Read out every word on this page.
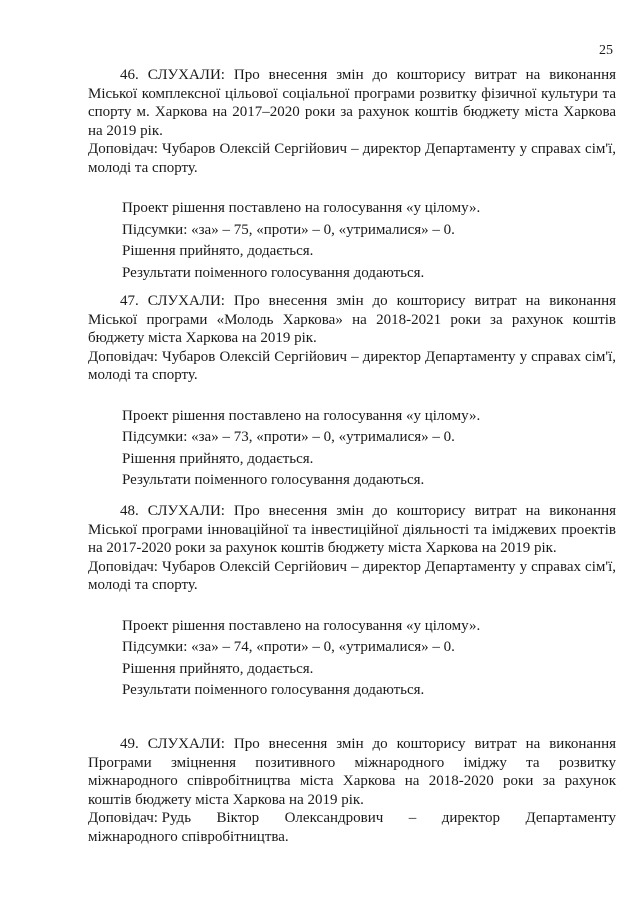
25

46. СЛУХАЛИ: Про внесення змін до кошторису витрат на виконання Міської комплексної цільової соціальної програми розвитку фізичної культури та спорту м. Харкова на 2017–2020 роки за рахунок коштів бюджету міста Харкова на 2019 рік.

Доповідач: Чубаров Олексій Сергійович – директор Департаменту у справах сім'ї, молоді та спорту.

Проект рішення поставлено на голосування «у цілому».
Підсумки: «за» – 75, «проти» – 0, «утрималися» – 0.
Рішення прийнято, додається.
Результати поіменного голосування додаються.

47. СЛУХАЛИ: Про внесення змін до кошторису витрат на виконання Міської програми «Молодь Харкова» на 2018-2021 роки за рахунок коштів бюджету міста Харкова на 2019 рік.

Доповідач: Чубаров Олексій Сергійович – директор Департаменту у справах сім'ї, молоді та спорту.

Проект рішення поставлено на голосування «у цілому».
Підсумки: «за» – 73, «проти» – 0, «утрималися» – 0.
Рішення прийнято, додається.
Результати поіменного голосування додаються.

48. СЛУХАЛИ: Про внесення змін до кошторису витрат на виконання Міської програми інноваційної та інвестиційної діяльності та іміджевих проектів на 2017-2020 роки за рахунок коштів бюджету міста Харкова на 2019 рік.

Доповідач: Чубаров Олексій Сергійович – директор Департаменту у справах сім'ї, молоді та спорту.

Проект рішення поставлено на голосування «у цілому».
Підсумки: «за» – 74, «проти» – 0, «утрималися» – 0.
Рішення прийнято, додається.
Результати поіменного голосування додаються.

49. СЛУХАЛИ: Про внесення змін до кошторису витрат на виконання Програми зміцнення позитивного міжнародного іміджу та розвитку міжнародного співробітництва міста Харкова на 2018-2020 роки за рахунок коштів бюджету міста Харкова на 2019 рік.

Доповідач: Рудь Віктор Олександрович – директор Департаменту

міжнародного співробітництва.
